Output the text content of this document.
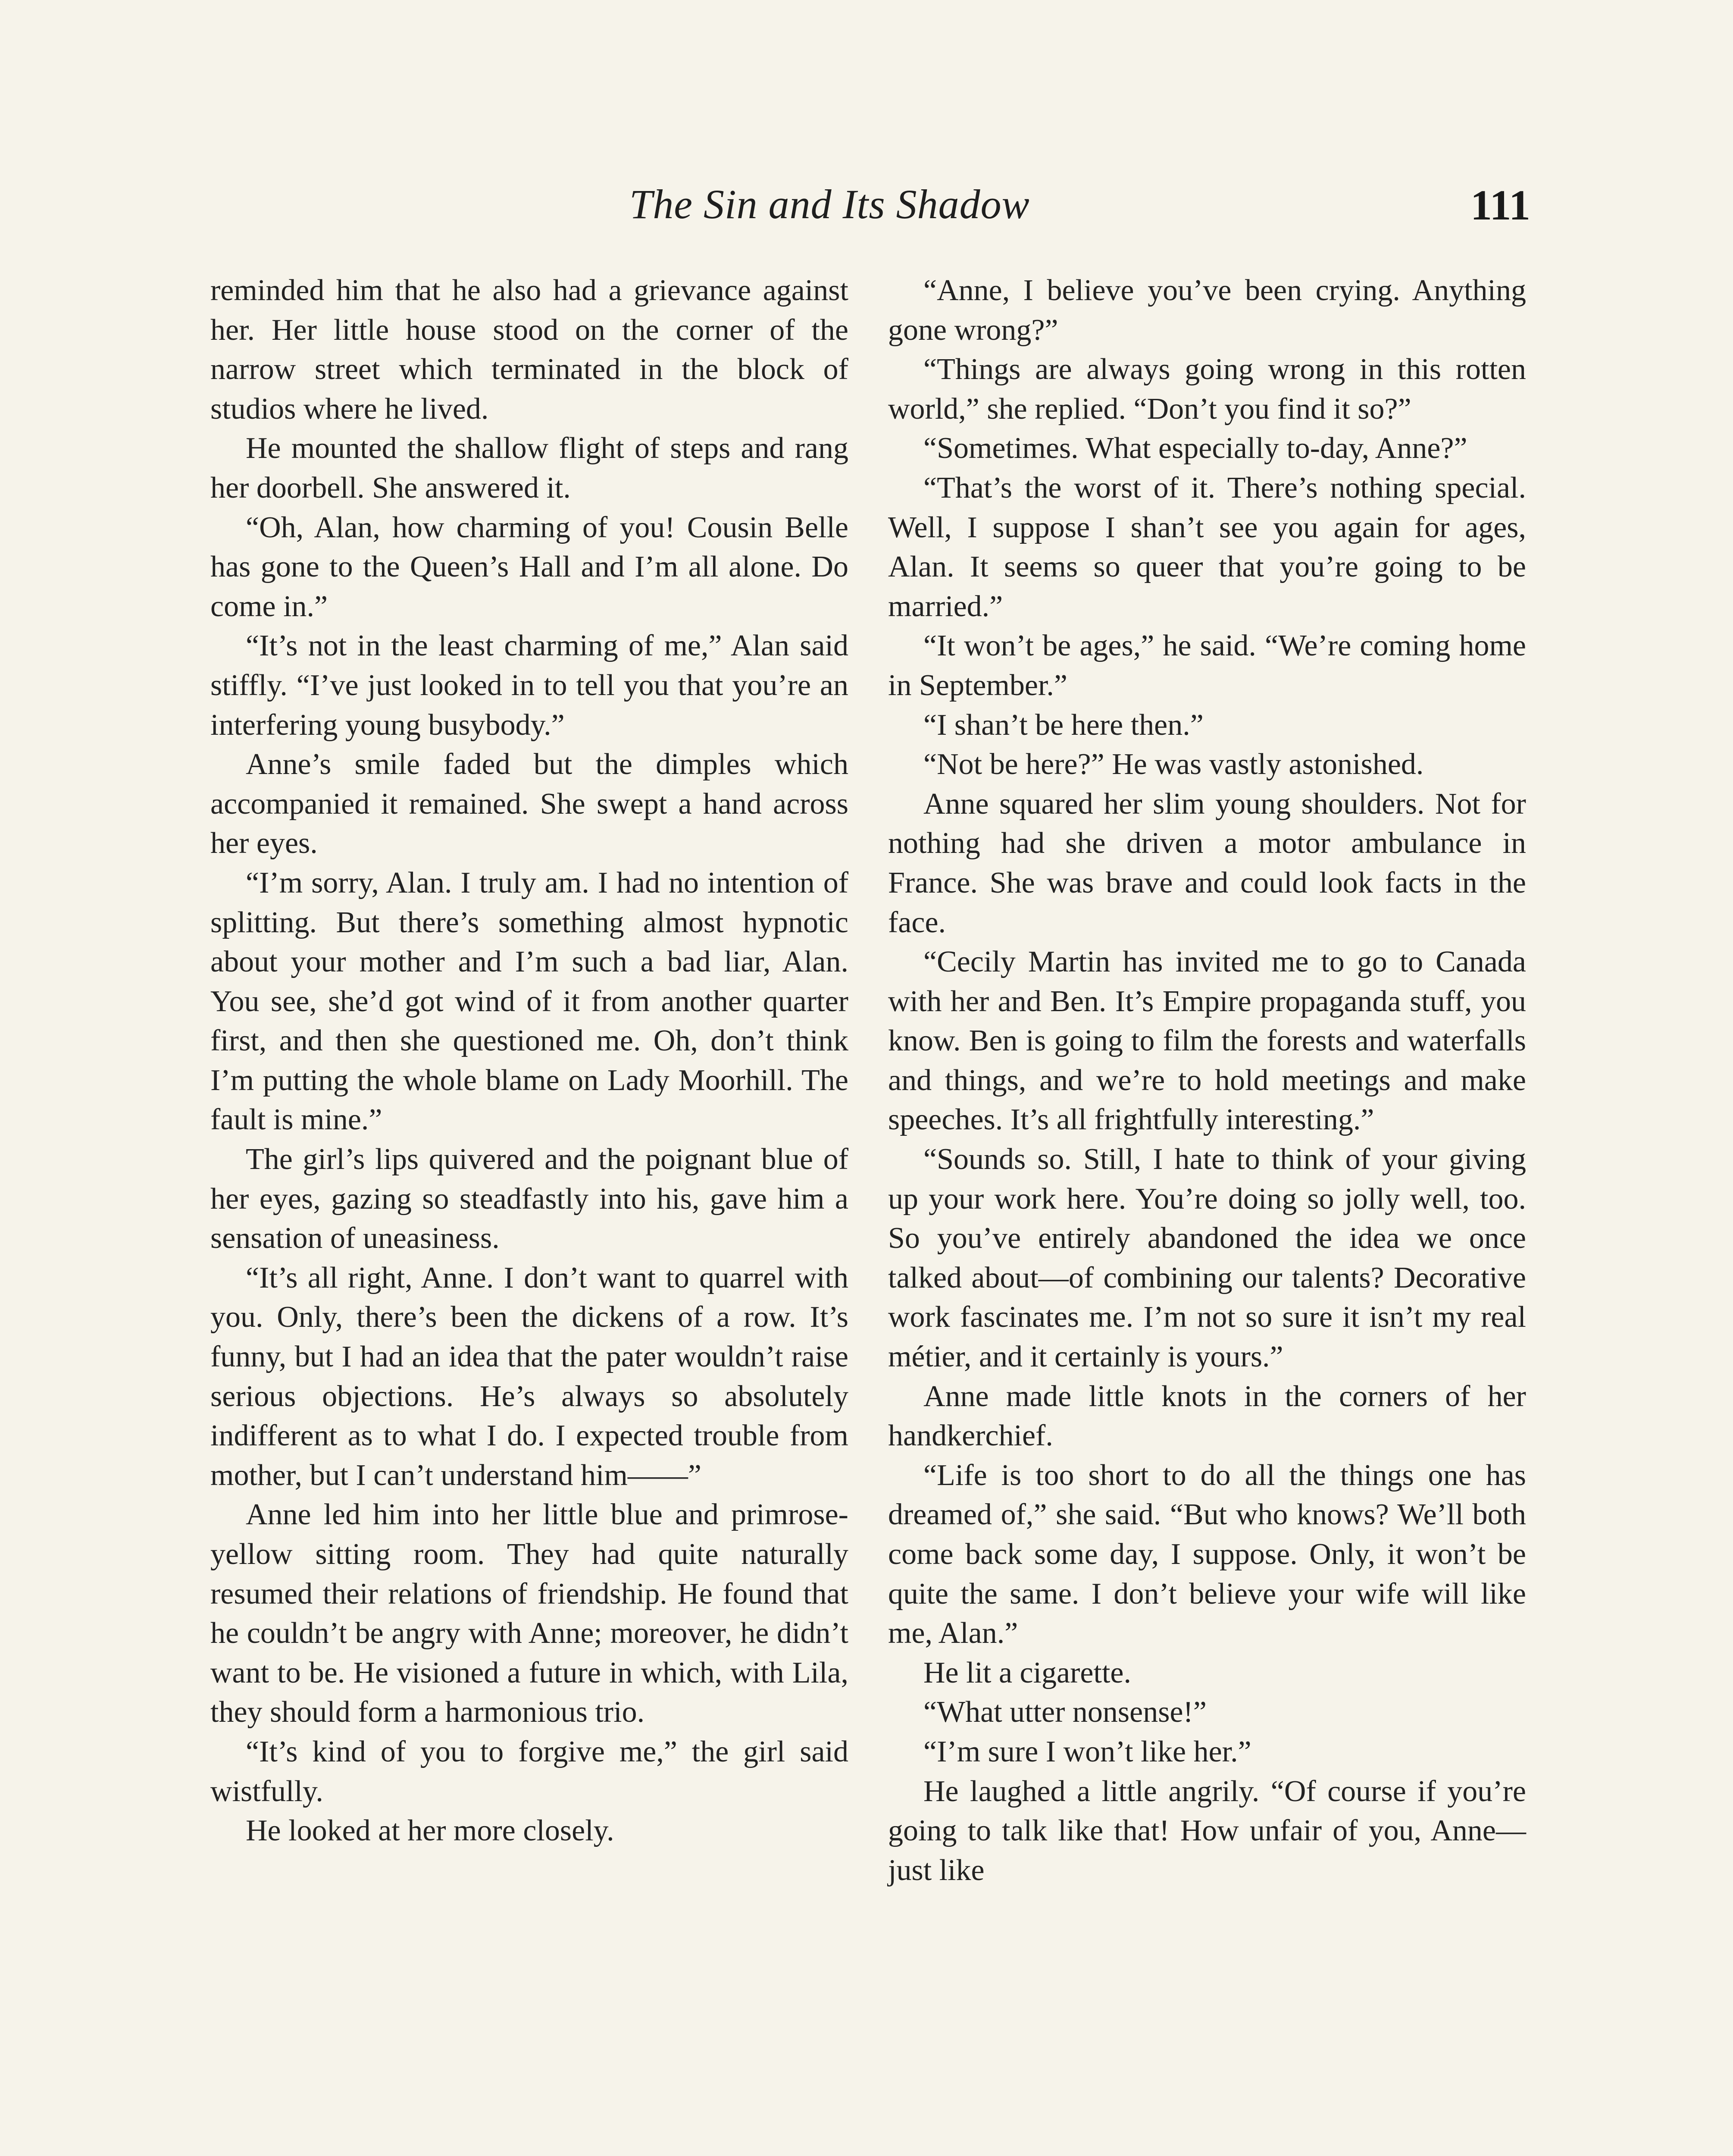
The Sin and Its Shadow	111

reminded him that he also had a grievance against her. Her little house stood on the corner of the narrow street which terminated in the block of studios where he lived.

He mounted the shallow flight of steps and rang her doorbell. She answered it.

“Oh, Alan, how charming of you! Cousin Belle has gone to the Queen’s Hall and I’m all alone. Do come in.”

“It’s not in the least charming of me,” Alan said stiffly. “I’ve just looked in to tell you that you’re an interfering young busybody.”

Anne’s smile faded but the dimples which accompanied it remained. She swept a hand across her eyes.

“I’m sorry, Alan. I truly am. I had no intention of splitting. But there’s something almost hypnotic about your mother and I’m such a bad liar, Alan. You see, she’d got wind of it from another quarter first, and then she questioned me. Oh, don’t think I’m putting the whole blame on Lady Moorhill. The fault is mine.”

The girl’s lips quivered and the poignant blue of her eyes, gazing so steadfastly into his, gave him a sensation of uneasiness.

“It’s all right, Anne. I don’t want to quarrel with you. Only, there’s been the dickens of a row. It’s funny, but I had an idea that the pater wouldn’t raise serious objections. He’s always so absolutely indifferent as to what I do. I expected trouble from mother, but I can’t understand him——”

Anne led him into her little blue and primrose-yellow sitting room. They had quite naturally resumed their relations of friendship. He found that he couldn’t be angry with Anne; moreover, he didn’t want to be. He visioned a future in which, with Lila, they should form a harmonious trio.

“It’s kind of you to forgive me,” the girl said wistfully.

He looked at her more closely.

“Anne, I believe you’ve been crying. Anything gone wrong?”

“Things are always going wrong in this rotten world,” she replied. “Don’t you find it so?”

“Sometimes. What especially to-day, Anne?”

“That’s the worst of it. There’s nothing special. Well, I suppose I shan’t see you again for ages, Alan. It seems so queer that you’re going to be married.”

“It won’t be ages,” he said. “We’re coming home in September.”

“I shan’t be here then.”

“Not be here?” He was vastly astonished.

Anne squared her slim young shoulders. Not for nothing had she driven a motor ambulance in France. She was brave and could look facts in the face.

“Cecily Martin has invited me to go to Canada with her and Ben. It’s Empire propaganda stuff, you know. Ben is going to film the forests and waterfalls and things, and we’re to hold meetings and make speeches. It’s all frightfully interesting.”

“Sounds so. Still, I hate to think of your giving up your work here. You’re doing so jolly well, too. So you’ve entirely abandoned the idea we once talked about—of combining our talents? Decorative work fascinates me. I’m not so sure it isn’t my real métier, and it certainly is yours.”

Anne made little knots in the corners of her handkerchief.

“Life is too short to do all the things one has dreamed of,” she said. “But who knows? We’ll both come back some day, I suppose. Only, it won’t be quite the same. I don’t believe your wife will like me, Alan.”

He lit a cigarette.

“What utter nonsense!”

“I’m sure I won’t like her.”

He laughed a little angrily. “Of course if you’re going to talk like that! How unfair of you, Anne—just like
